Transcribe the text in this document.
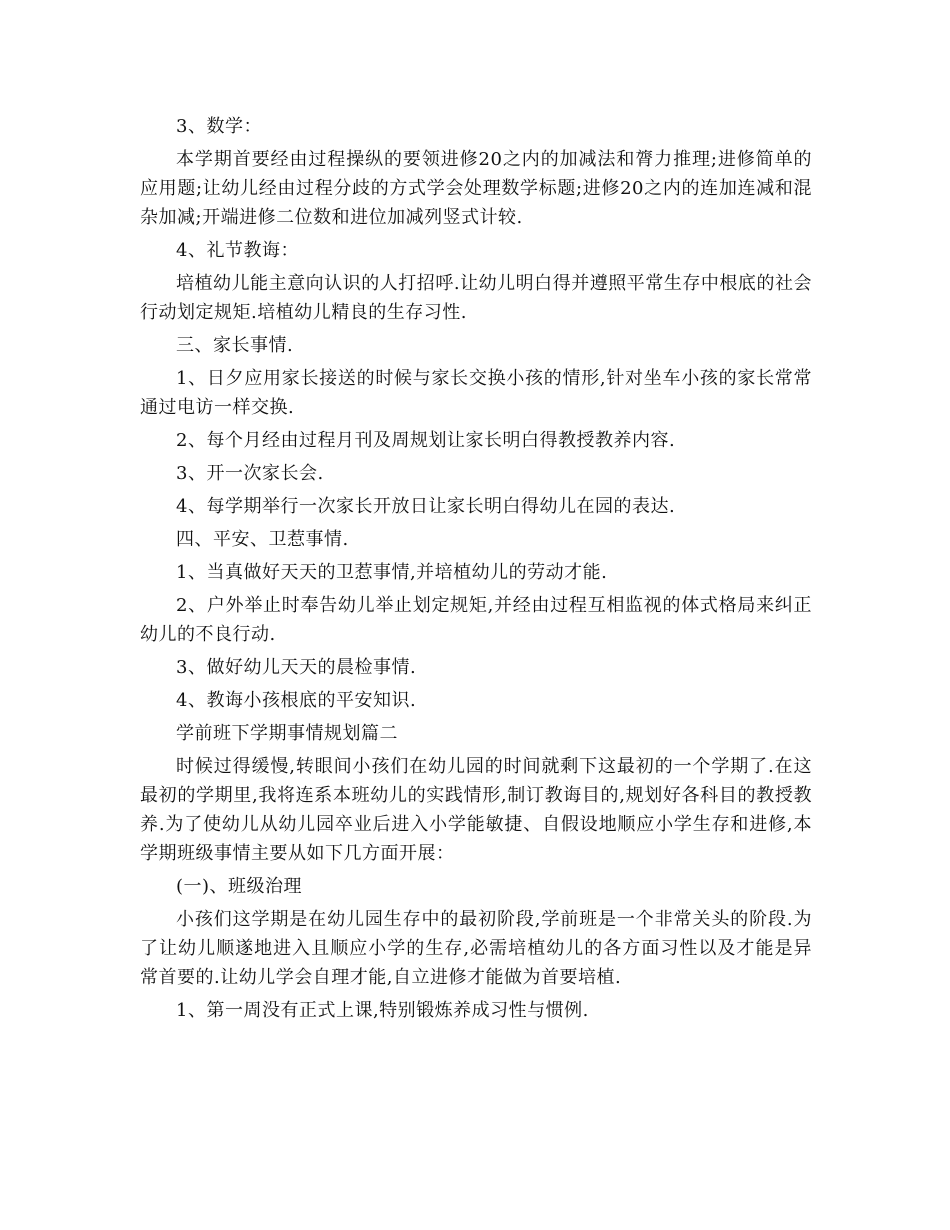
3、数学：

本学期首要经由过程操纵的要领进修20之内的加减法和膂力推理;进修简单的应用题;让幼儿经由过程分歧的方式学会处理数学标题;进修20之内的连加连减和混杂加减;开端进修二位数和进位加减列竖式计较.

4、礼节教诲：

培植幼儿能主意向认识的人打招呼.让幼儿明白得并遵照平常生存中根底的社会行动划定规矩.培植幼儿精良的生存习性.

三、家长事情.

1、日夕应用家长接送的时候与家长交换小孩的情形,针对坐车小孩的家长常常通过电访一样交换.

2、每个月经由过程月刊及周规划让家长明白得教授教养内容.

3、开一次家长会.

4、每学期举行一次家长开放日让家长明白得幼儿在园的表达.

四、平安、卫惹事情.

1、当真做好天天的卫惹事情,并培植幼儿的劳动才能.

2、户外举止时奉告幼儿举止划定规矩,并经由过程互相监视的体式格局来纠正幼儿的不良行动.

3、做好幼儿天天的晨检事情.

4、教诲小孩根底的平安知识.

学前班下学期事情规划篇二

时候过得缓慢,转眼间小孩们在幼儿园的时间就剩下这最初的一个学期了.在这最初的学期里,我将连系本班幼儿的实践情形,制订教诲目的,规划好各科目的教授教养.为了使幼儿从幼儿园卒业后进入小学能敏捷、自假设地顺应小学生存和进修,本学期班级事情主要从如下几方面开展：

(一)、班级治理

小孩们这学期是在幼儿园生存中的最初阶段,学前班是一个非常关头的阶段.为了让幼儿顺遂地进入且顺应小学的生存,必需培植幼儿的各方面习性以及才能是异常首要的.让幼儿学会自理才能,自立进修才能做为首要培植.

1、第一周没有正式上课,特别锻炼养成习性与惯例.
